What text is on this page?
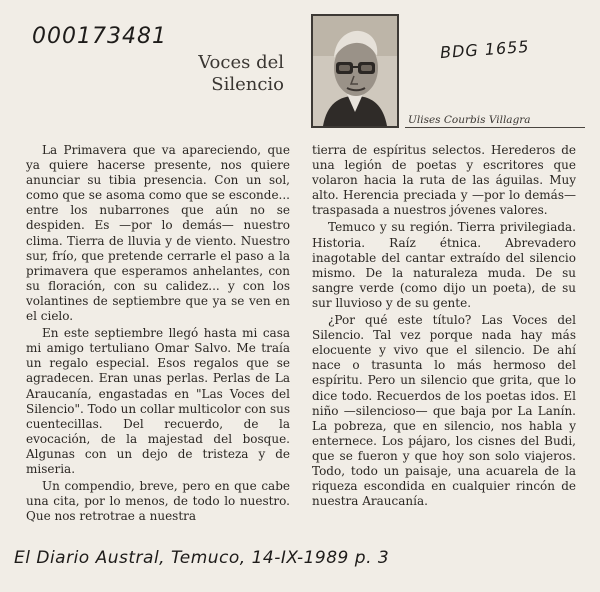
000173481
BDG 1655
Voces del
Silencio
Ulises Courbis Villagra

La Primavera que va apareciendo, que ya quiere hacerse presente, nos quiere anunciar su tibia presencia. Con un sol, como que se asoma como que se esconde... entre los nubarrones que aún no se despiden. Es —por lo demás— nuestro clima. Tierra de lluvia y de viento. Nuestro sur, frío, que pretende cerrarle el paso a la primavera que esperamos anhelantes, con su floración, con su calidez... y con los volantines de septiembre que ya se ven en el cielo.

En este septiembre llegó hasta mi casa mi amigo tertuliano Omar Salvo. Me traía un regalo especial. Esos regalos que se agradecen. Eran unas perlas. Perlas de La Araucanía, engastadas en "Las Voces del Silencio". Todo un collar multicolor con sus cuentecillas. Del recuerdo, de la evocación, de la majestad del bosque. Algunas con un dejo de tristeza y de miseria.

Un compendio, breve, pero en que cabe una cita, por lo menos, de todo lo nuestro. Que nos retrotrae a nuestra

tierra de espíritus selectos. Herederos de una legión de poetas y escritores que volaron hacia la ruta de las águilas. Muy alto. Herencia preciada y —por lo demás— traspasada a nuestros jóvenes valores.

Temuco y su región. Tierra privilegiada. Historia. Raíz étnica. Abrevadero inagotable del cantar extraído del silencio mismo. De la naturaleza muda. De su sangre verde (como dijo un poeta), de su sur lluvioso y de su gente.

¿Por qué este título? Las Voces del Silencio. Tal vez porque nada hay más elocuente y vivo que el silencio. De ahí nace o trasunta lo más hermoso del espíritu. Pero un silencio que grita, que lo dice todo. Recuerdos de los poetas idos. El niño —silencioso— que baja por La Lanín. La pobreza, que en silencio, nos habla y enternece. Los pájaro, los cisnes del Budi, que se fueron y que hoy son solo viajeros. Todo, todo un paisaje, una acuarela de la riqueza escondida en cualquier rincón de nuestra Araucanía.

El Diario Austral, Temuco, 14-IX-1989 p. 3
